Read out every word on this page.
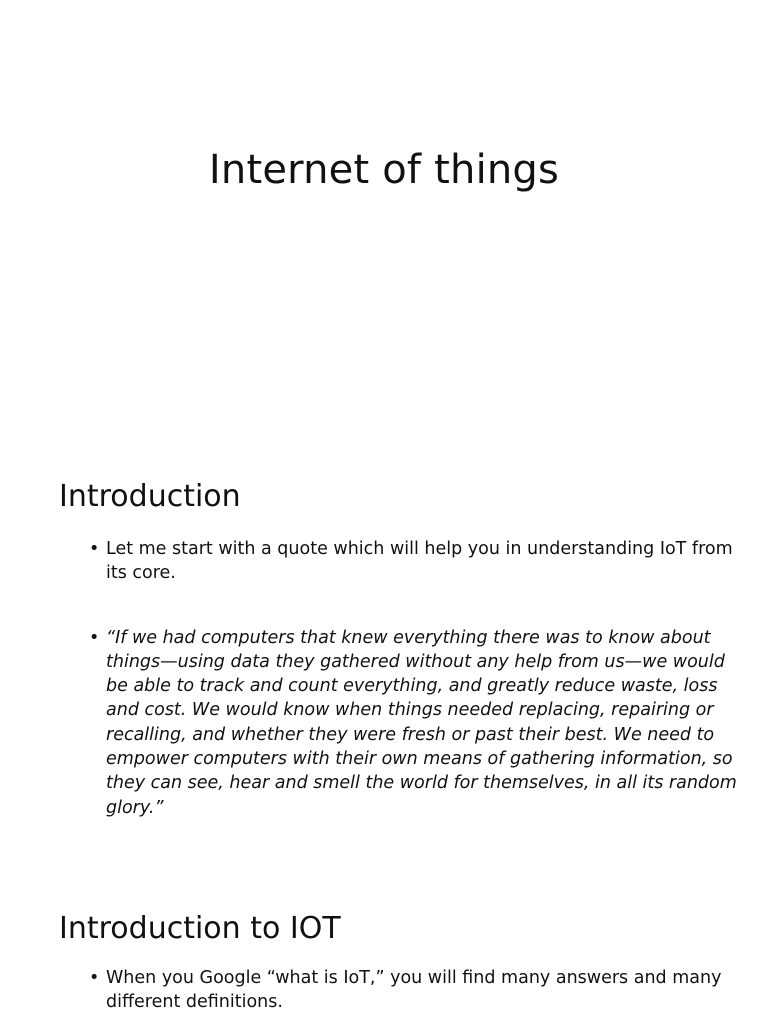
Internet of things
Introduction
• Let me start with a quote which will help you in understanding IoT from its core.
• “If we had computers that knew everything there was to know about things—using data they gathered without any help from us—we would be able to track and count everything, and greatly reduce waste, loss and cost. We would know when things needed replacing, repairing or recalling, and whether they were fresh or past their best. We need to empower computers with their own means of gathering information, so they can see, hear and smell the world for themselves, in all its random glory.”
Introduction to IOT
• When you Google “what is IoT,” you will find many answers and many different definitions.
